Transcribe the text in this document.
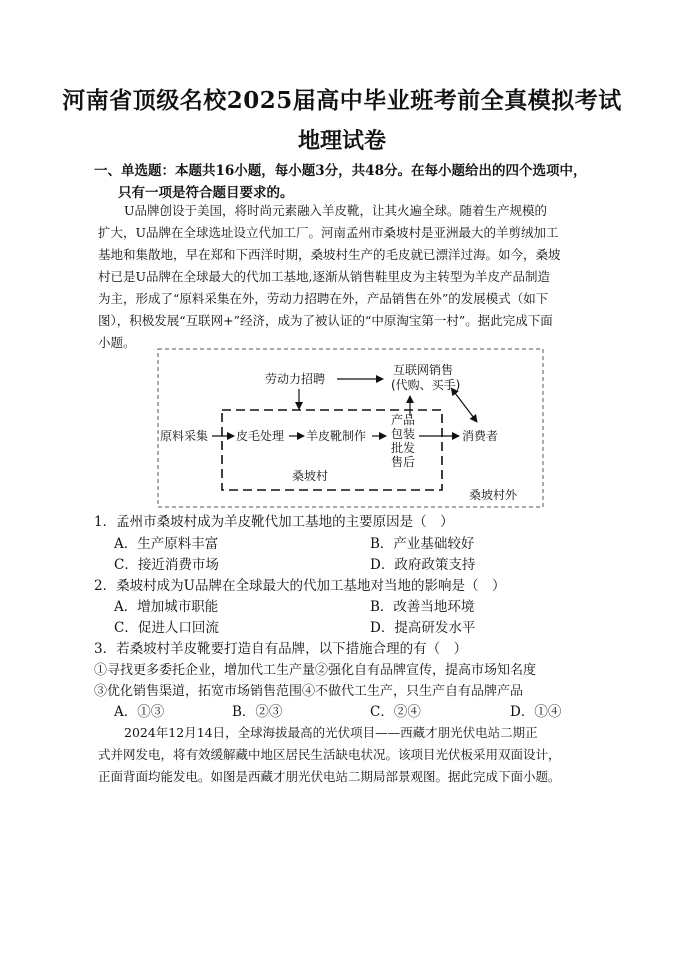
河南省顶级名校2025届高中毕业班考前全真模拟考试
地理试卷
一、单选题：本题共16小题，每小题3分，共48分。在每小题给出的四个选项中，
只有一项是符合题目要求的。
U品牌创设于美国，将时尚元素融入羊皮靴，让其火遍全球。随着生产规模的
扩大，U品牌在全球选址设立代加工厂。河南孟州市桑坡村是亚洲最大的羊剪绒加工
基地和集散地，早在郑和下西洋时期，桑坡村生产的毛皮就已漂洋过海。如今，桑坡
村已是U品牌在全球最大的代加工基地,逐渐从销售鞋里皮为主转型为羊皮产品制造
为主，形成了“原料采集在外，劳动力招聘在外，产品销售在外”的发展模式（如下
图），积极发展“互联网+”经济，成为了被认证的“中原淘宝第一村”。据此完成下面
小题。
劳动力招聘
互联网销售
(代购、买手)
原料采集 皮毛处理 羊皮靴制作
产品
包装
批发
售后
消费者
桑坡村
桑坡村外
1．孟州市桑坡村成为羊皮靴代加工基地的主要原因是（　）
A．生产原料丰富	B．产业基础较好
C．接近消费市场	D．政府政策支持
2．桑坡村成为U品牌在全球最大的代加工基地对当地的影响是（　）
A．增加城市职能	B．改善当地环境
C．促进人口回流	D．提高研发水平
3．若桑坡村羊皮靴要打造自有品牌，以下措施合理的有（　）
①寻找更多委托企业，增加代工生产量②强化自有品牌宣传，提高市场知名度
③优化销售渠道，拓宽市场销售范围④不做代工生产，只生产自有品牌产品
A．①③	B．②③	C．②④	D．①④
2024年12月14日，全球海拔最高的光伏项目——西藏才朋光伏电站二期正
式并网发电，将有效缓解藏中地区居民生活缺电状况。该项目光伏板采用双面设计，
正面背面均能发电。如图是西藏才朋光伏电站二期局部景观图。据此完成下面小题。
